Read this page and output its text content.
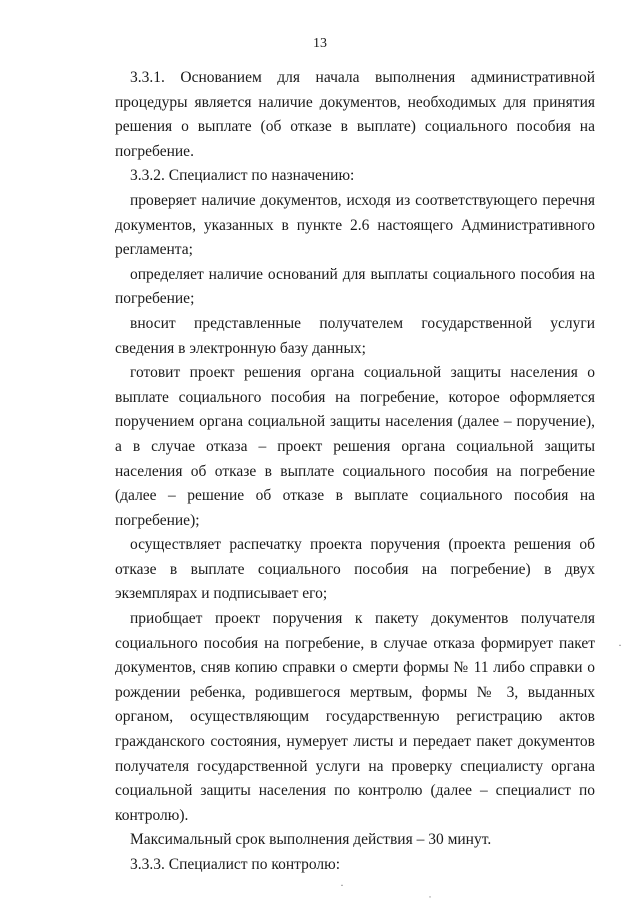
13

3.3.1. Основанием для начала выполнения административной процедуры является наличие документов, необходимых для принятия решения о выплате (об отказе в выплате) социального пособия на погребение.

3.3.2. Специалист по назначению:

проверяет наличие документов, исходя из соответствующего перечня документов, указанных в пункте 2.6 настоящего Административного регламента;

определяет наличие оснований для выплаты социального пособия на погребение;

вносит представленные получателем государственной услуги сведения в электронную базу данных;

готовит проект решения органа социальной защиты населения о выплате социального пособия на погребение, которое оформляется поручением органа социальной защиты населения (далее – поручение), а в случае отказа – проект решения органа социальной защиты населения об отказе в выплате социального пособия на погребение (далее – решение об отказе в выплате социального пособия на погребение);

осуществляет распечатку проекта поручения (проекта решения об отказе в выплате социального пособия на погребение) в двух экземплярах и подписывает его;

приобщает проект поручения к пакету документов получателя социального пособия на погребение, в случае отказа формирует пакет документов, сняв копию справки о смерти формы № 11 либо справки о рождении ребенка, родившегося мертвым, формы № 3, выданных органом, осуществляющим государственную регистрацию актов гражданского состояния, нумерует листы и передает пакет документов получателя государственной услуги на проверку специалисту органа социальной защиты населения по контролю (далее – специалист по контролю).

Максимальный срок выполнения действия – 30 минут.

3.3.3. Специалист по контролю:

·
·
˙
